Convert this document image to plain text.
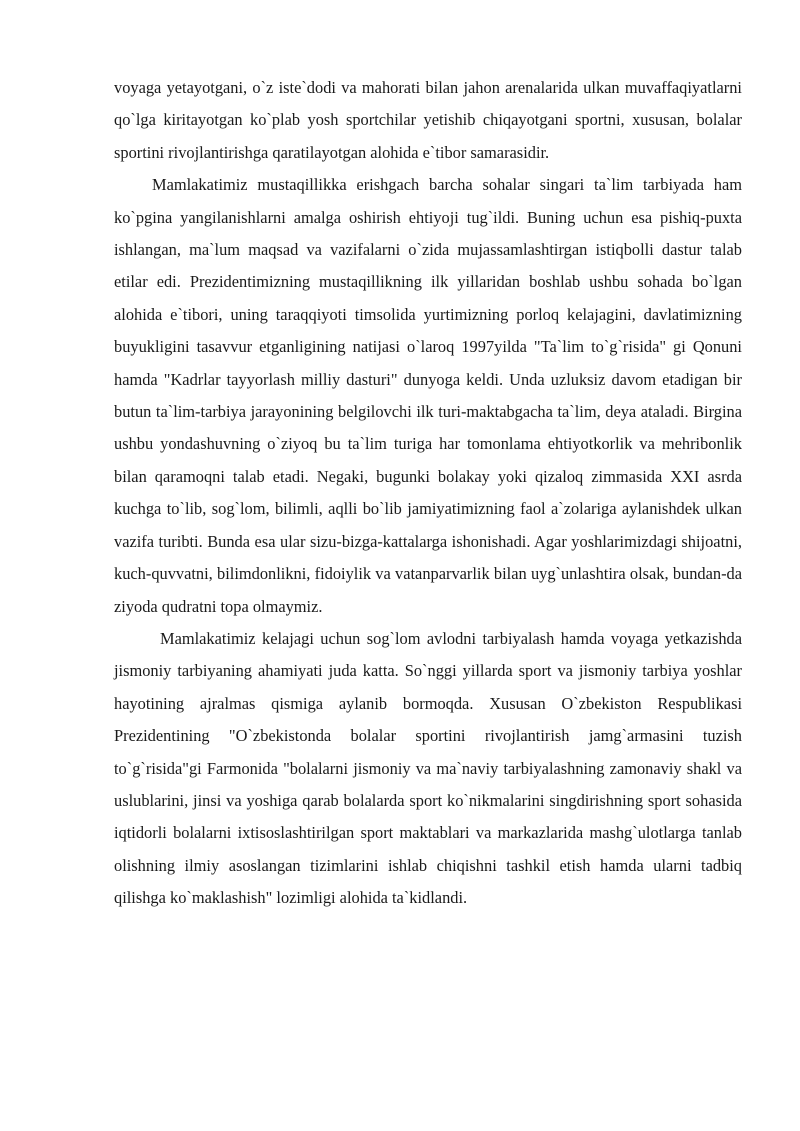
voyaga yetayotgani, o`z iste`dodi va mahorati bilan jahon arenalarida ulkan muvaffaqiyatlarni qo`lga kiritayotgan ko`plab yosh sportchilar yetishib chiqayotgani sportni, xususan, bolalar sportini rivojlantirishga qaratilayotgan alohida e`tibor samarasidir.

Mamlakatimiz mustaqillikka erishgach barcha sohalar singari ta`lim tarbiyada ham ko`pgina yangilanishlarni amalga oshirish ehtiyoji tug`ildi. Buning uchun esa pishiq-puxta ishlangan, ma`lum maqsad va vazifalarni o`zida mujassamlashtirgan istiqbolli dastur talab etilar edi. Prezidentimizning mustaqillikning ilk yillaridan boshlab ushbu sohada bo`lgan alohida e`tibori, uning taraqqiyoti timsolida yurtimizning porloq kelajagini, davlatimizning buyukligini tasavvur etganligining natijasi o`laroq 1997yilda "Ta`lim to`g`risida" gi Qonuni hamda "Kadrlar tayyorlash milliy dasturi" dunyoga keldi. Unda uzluksiz davom etadigan bir butun ta`lim-tarbiya jarayonining belgilovchi ilk turi-maktabgacha ta`lim, deya ataladi. Birgina ushbu yondashuvning o`ziyoq bu ta`lim turiga har tomonlama ehtiyotkorlik va mehribonlik bilan qaramoqni talab etadi. Negaki, bugunki bolakay yoki qizaloq zimmasida XXI asrda kuchga to`lib, sog`lom, bilimli, aqlli bo`lib jamiyatimizning faol a`zolariga aylanishdek ulkan vazifa turibti. Bunda esa ular sizu-bizga-kattalarga ishonishadi. Agar yoshlarimizdagi shijoatni, kuch-quvvatni, bilimdonlikni, fidoiylik va vatanparvarlik bilan uyg`unlashtira olsak, bundan-da ziyoda qudratni topa olmaymiz.

Mamlakatimiz kelajagi uchun sog`lom avlodni tarbiyalash hamda voyaga yetkazishda jismoniy tarbiyaning ahamiyati juda katta. So`nggi yillarda sport va jismoniy tarbiya yoshlar hayotining ajralmas qismiga aylanib bormoqda. Xususan O`zbekiston Respublikasi Prezidentining "O`zbekistonda bolalar sportini rivojlantirish jamg`armasini tuzish to`g`risida"gi Farmonida "bolalarni jismoniy va ma`naviy tarbiyalashning zamonaviy shakl va uslublarini, jinsi va yoshiga qarab bolalarda sport ko`nikmalarini singdirishning sport sohasida iqtidorli bolalarni ixtisoslashtirilgan sport maktablari va markazlarida mashg`ulotlarga tanlab olishning ilmiy asoslangan tizimlarini ishlab chiqishni tashkil etish hamda ularni tadbiq qilishga ko`maklashish" lozimligi alohida ta`kidlandi.
